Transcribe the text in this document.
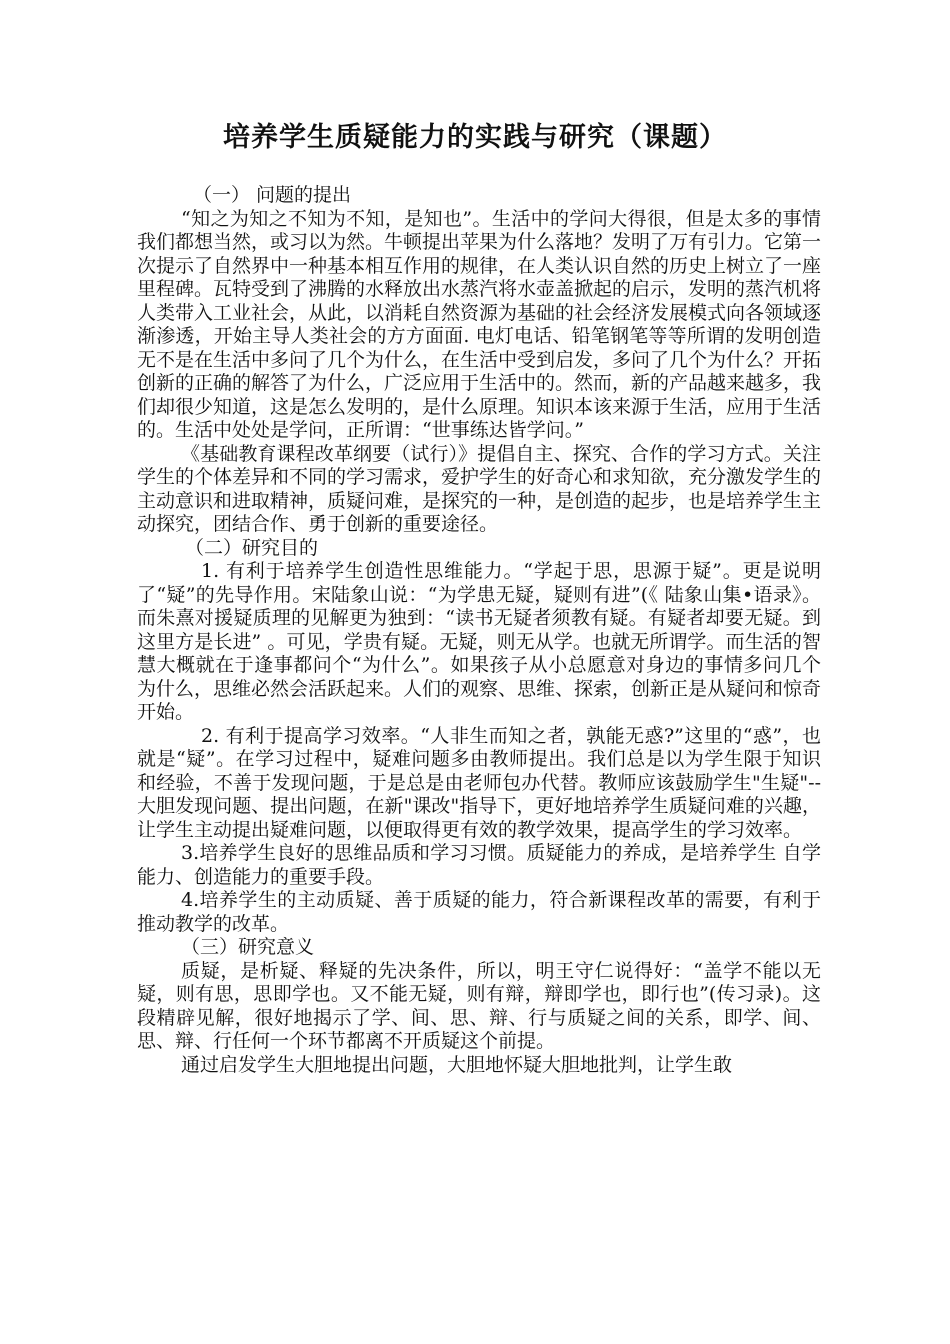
培养学生质疑能力的实践与研究（课题）

（一） 问题的提出

“知之为知之不知为不知，是知也”。生活中的学问大得很，但是太多的事情我们都想当然，或习以为然。牛顿提出苹果为什么落地？发明了万有引力。它第一次提示了自然界中一种基本相互作用的规律，在人类认识自然的历史上树立了一座里程碑。瓦特受到了沸腾的水释放出水蒸汽将水壶盖掀起的启示，发明的蒸汽机将人类带入工业社会，从此，以消耗自然资源为基础的社会经济发展模式向各领域逐渐渗透，开始主导人类社会的方方面面. 电灯电话、铅笔钢笔等等所谓的发明创造无不是在生活中多问了几个为什么，在生活中受到启发，多问了几个为什么？开拓创新的正确的解答了为什么，广泛应用于生活中的。然而，新的产品越来越多，我们却很少知道，这是怎么发明的，是什么原理。知识本该来源于生活，应用于生活的。生活中处处是学问，正所谓：“世事练达皆学问。”

《基础教育课程改革纲要（试行）》提倡自主、探究、合作的学习方式。关注学生的个体差异和不同的学习需求，爱护学生的好奇心和求知欲，充分激发学生的主动意识和进取精神，质疑问难，是探究的一种，是创造的起步，也是培养学生主动探究，团结合作、勇于创新的重要途径。

（二）研究目的

1. 有利于培养学生创造性思维能力。“学起于思，思源于疑”。更是说明了“疑”的先导作用。宋陆象山说：“为学患无疑，疑则有进”(《 陆象山集•语录》。而朱熹对援疑质理的见解更为独到：“读书无疑者须教有疑。有疑者却要无疑。到这里方是长进” 。可见，学贵有疑。无疑，则无从学。也就无所谓学。而生活的智慧大概就在于逢事都问个“为什么”。如果孩子从小总愿意对身边的事情多问几个为什么，思维必然会活跃起来。人们的观察、思维、探索，创新正是从疑问和惊奇开始。

2. 有利于提高学习效率。“人非生而知之者，孰能无惑?”这里的“惑”，也就是“疑”。在学习过程中，疑难问题多由教师提出。我们总是以为学生限于知识和经验，不善于发现问题，于是总是由老师包办代替。教师应该鼓励学生"生疑"--大胆发现问题、提出问题，在新"课改"指导下，更好地培养学生质疑问难的兴趣，让学生主动提出疑难问题，以便取得更有效的教学效果，提高学生的学习效率。

3.培养学生良好的思维品质和学习习惯。质疑能力的养成，是培养学生 自学能力、创造能力的重要手段。

4.培养学生的主动质疑、善于质疑的能力，符合新课程改革的需要，有利于推动教学的改革。

（三）研究意义

质疑，是析疑、释疑的先决条件，所以，明王守仁说得好：“盖学不能以无疑，则有思，思即学也。又不能无疑，则有辩，辩即学也，即行也”(传习录)。这段精辟见解，很好地揭示了学、间、思、辩、行与质疑之间的关系，即学、间、思、辩、行任何一个环节都离不开质疑这个前提。

通过启发学生大胆地提出问题，大胆地怀疑大胆地批判，让学生敢
